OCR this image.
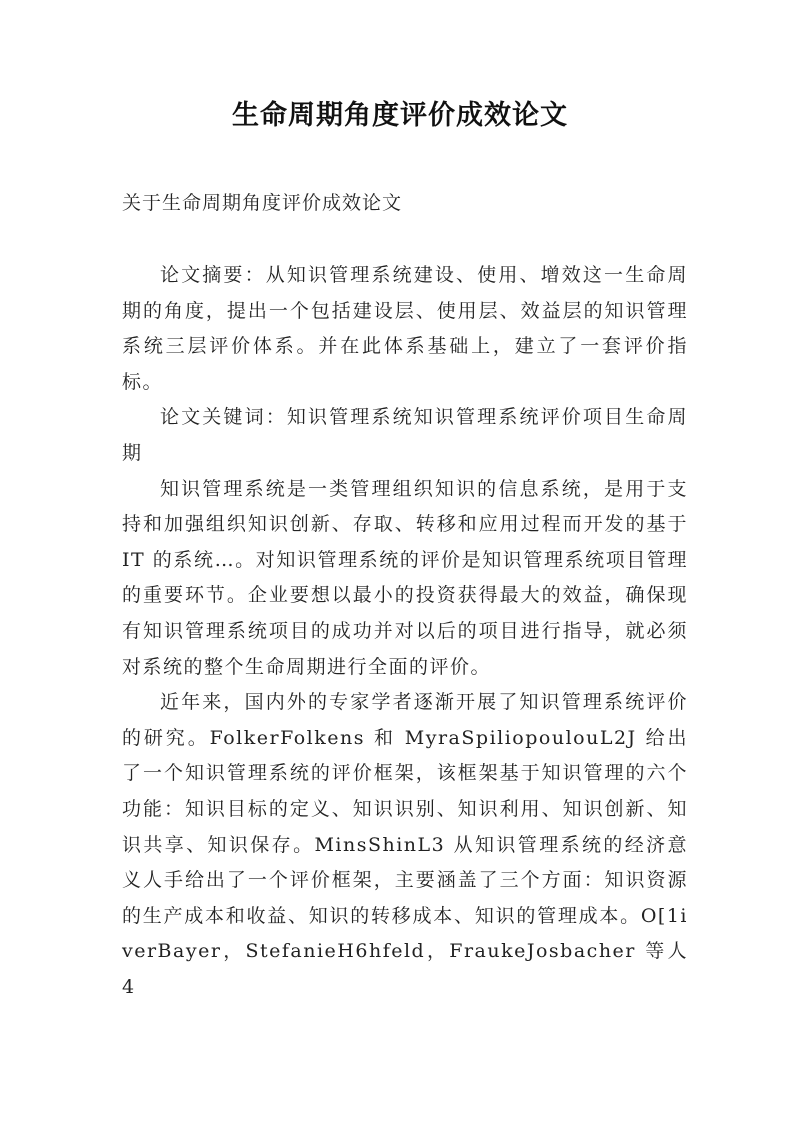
生命周期角度评价成效论文
关于生命周期角度评价成效论文

论文摘要：从知识管理系统建设、使用、增效这一生命周期的角度，提出一个包括建设层、使用层、效益层的知识管理系统三层评价体系。并在此体系基础上，建立了一套评价指标。

论文关键词：知识管理系统知识管理系统评价项目生命周期

知识管理系统是一类管理组织知识的信息系统，是用于支持和加强组织知识创新、存取、转移和应用过程而开发的基于 IT 的系统…。对知识管理系统的评价是知识管理系统项目管理的重要环节。企业要想以最小的投资获得最大的效益，确保现有知识管理系统项目的成功并对以后的项目进行指导，就必须对系统的整个生命周期进行全面的评价。

近年来，国内外的专家学者逐渐开展了知识管理系统评价的研究。FolkerFolkens 和 MyraSpiliopoulouL2J 给出了一个知识管理系统的评价框架，该框架基于知识管理的六个功能：知识目标的定义、知识识别、知识利用、知识创新、知识共享、知识保存。MinsShinL3 从知识管理系统的经济意义人手给出了一个评价框架，主要涵盖了三个方面：知识资源的生产成本和收益、知识的转移成本、知识的管理成本。O[1iverBayer，StefanieH6hfeld，FraukeJosbacher 等人 4
